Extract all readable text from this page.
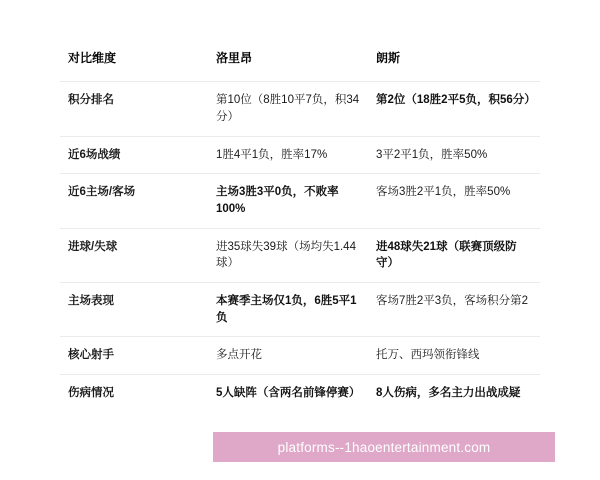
对比维度	洛里昂	朗斯
积分排名	第10位（8胜10平7负，积34分）	第2位（18胜2平5负，积56分）
近6场战绩	1胜4平1负，胜率17%	3平2平1负，胜率50%
近6主场/客场	主场3胜3平0负，不败率100%	客场3胜2平1负，胜率50%
进球/失球	进35球失39球（场均失1.44球）	进48球失21球（联赛顶级防守）
主场表现	本赛季主场仅1负，6胜5平1负	客场7胜2平3负，客场积分第2
核心射手	多点开花	托万、西玛领衔锋线
伤病情况	5人缺阵（含两名前锋停赛）	8人伤病，多名主力出战成疑
platforms--1haoentertainment.com
